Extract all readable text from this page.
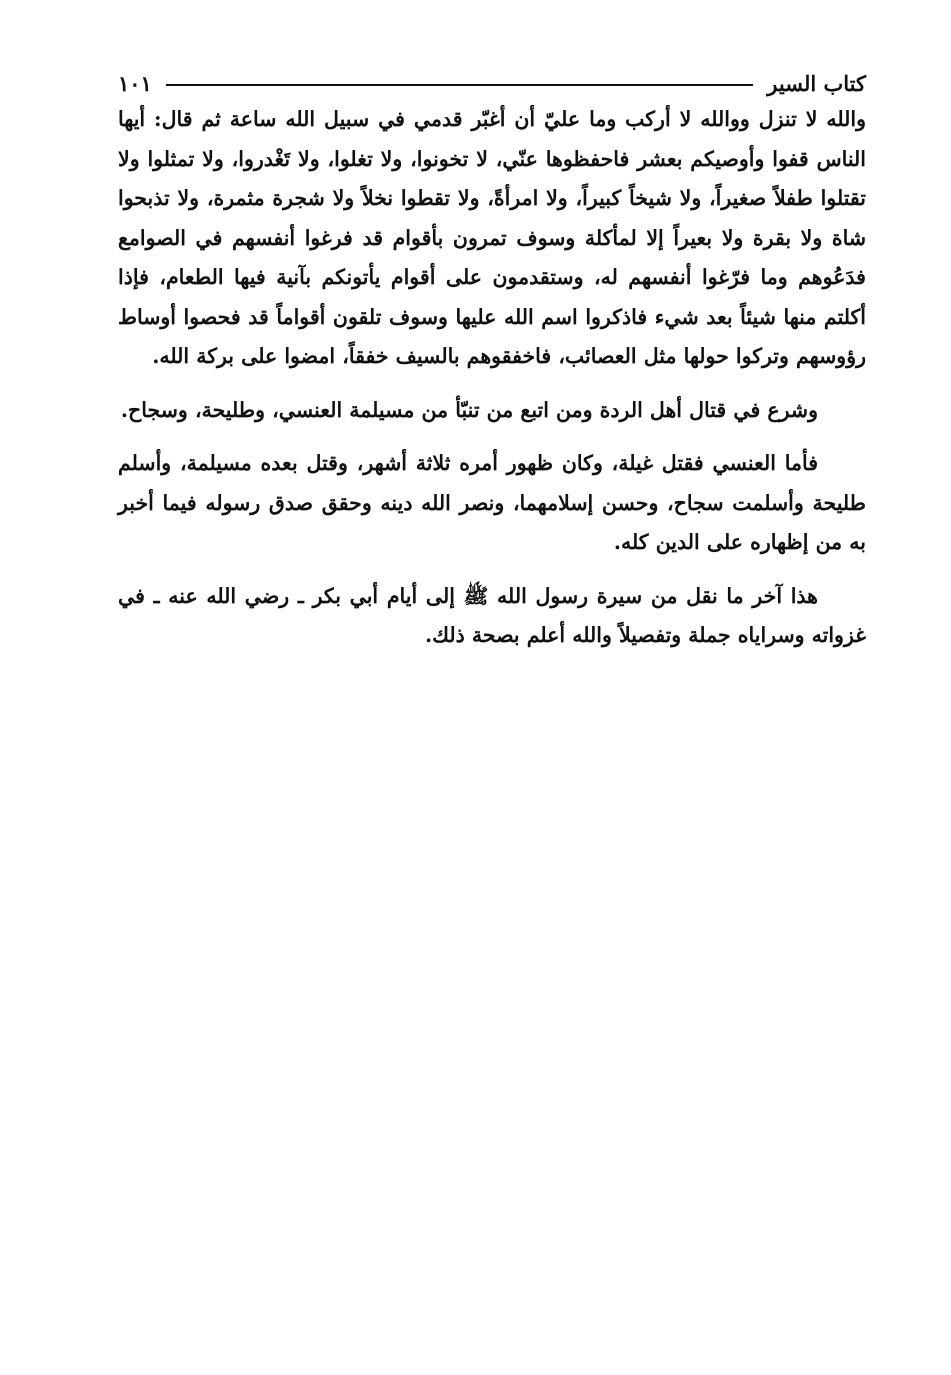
كتاب السير
١٠١

والله لا تنزل ووالله لا أركب وما عليّ أن أغبّر قدمي في سبيل الله ساعة ثم قال: أيها الناس قفوا وأوصيكم بعشر فاحفظوها عنّي، لا تخونوا، ولا تغلوا، ولا تَغْدروا، ولا تمثلوا ولا تقتلوا طفلاً صغيراً، ولا شيخاً كبيراً، ولا امرأةً، ولا تقطوا نخلاً ولا شجرة مثمرة، ولا تذبحوا شاة ولا بقرة ولا بعيراً إلا لمأكلة وسوف تمرون بأقوام قد فرغوا أنفسهم في الصوامع فدَعُوهم وما فرّغوا أنفسهم له، وستقدمون على أقوام يأتونكم بآنية فيها الطعام، فإذا أكلتم منها شيئاً بعد شيء فاذكروا اسم الله عليها وسوف تلقون أقواماً قد فحصوا أوساط رؤوسهم وتركوا حولها مثل العصائب، فاخفقوهم بالسيف خفقاً، امضوا على بركة الله.

وشرع في قتال أهل الردة ومن اتبع من تنبّأ من مسيلمة العنسي، وطليحة، وسجاح.

فأما العنسي فقتل غيلة، وكان ظهور أمره ثلاثة أشهر، وقتل بعده مسيلمة، وأسلم طليحة وأسلمت سجاح، وحسن إسلامهما، ونصر الله دينه وحقق صدق رسوله فيما أخبر به من إظهاره على الدين كله.

هذا آخر ما نقل من سيرة رسول الله ﷺ إلى أيام أبي بكر ـ رضي الله عنه ـ في غزواته وسراياه جملة وتفصيلاً والله أعلم بصحة ذلك.
